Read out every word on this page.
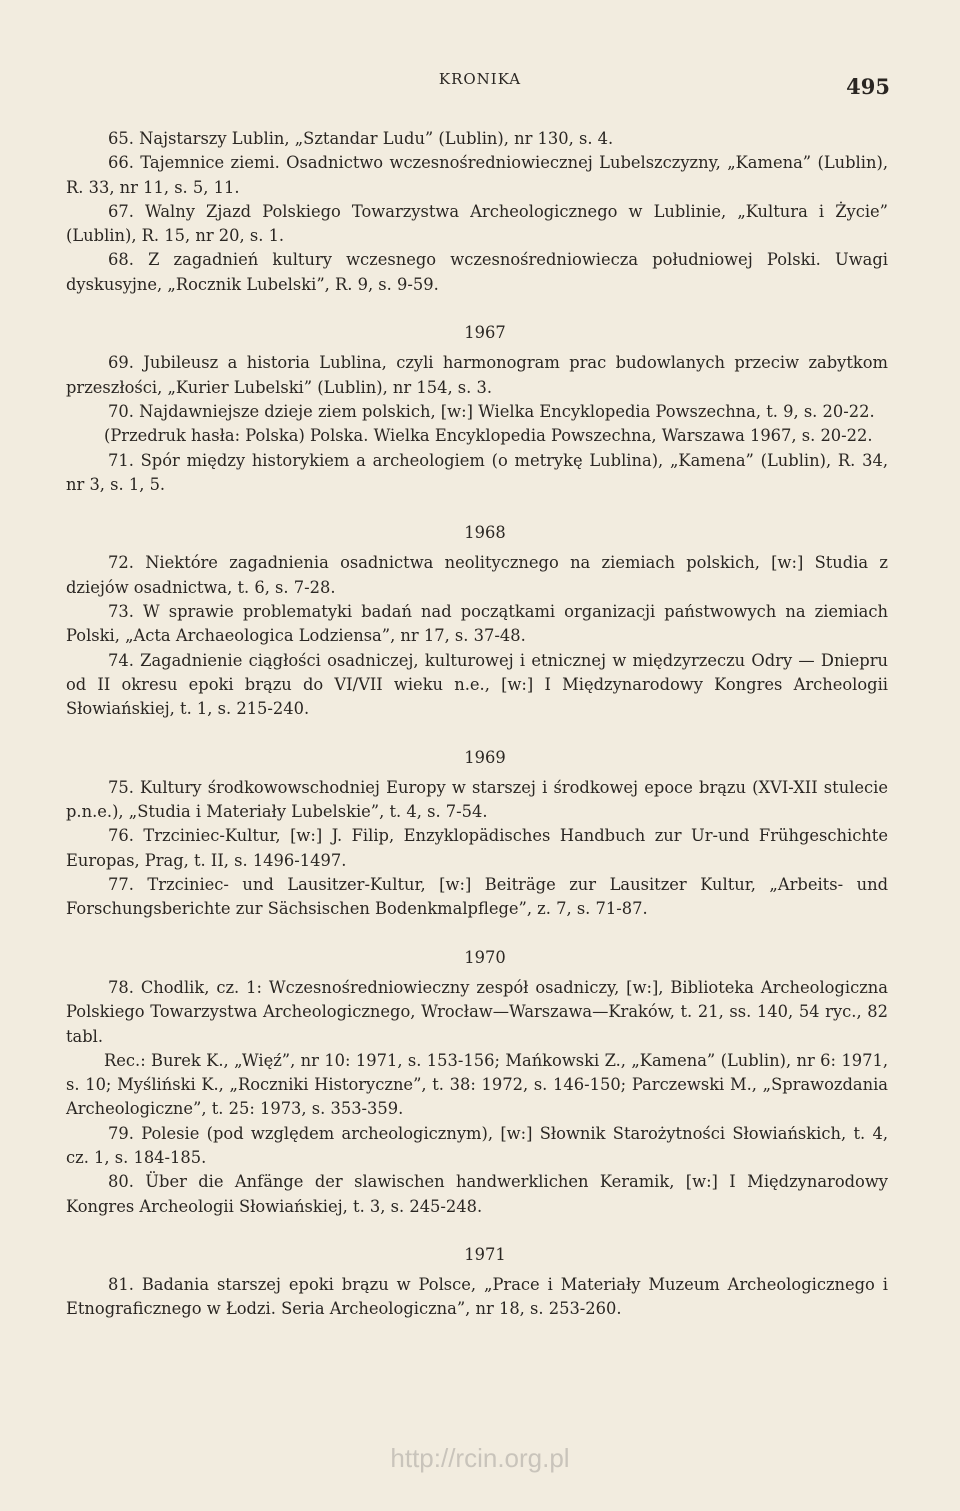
KRONIKA	495

65. Najstarszy Lublin, „Sztandar Ludu” (Lublin), nr 130, s. 4.

66. Tajemnice ziemi. Osadnictwo wczesnośredniowiecznej Lubelszczyzny, „Kamena” (Lublin), R. 33, nr 11, s. 5, 11.

67. Walny Zjazd Polskiego Towarzystwa Archeologicznego w Lublinie, „Kultura i Życie” (Lublin), R. 15, nr 20, s. 1.

68. Z zagadnień kultury wczesnego wczesnośredniowiecza południowej Polski. Uwagi dyskusyjne, „Rocznik Lubelski”, R. 9, s. 9-59.

1967

69. Jubileusz a historia Lublina, czyli harmonogram prac budowlanych przeciw zabytkom przeszłości, „Kurier Lubelski” (Lublin), nr 154, s. 3.

70. Najdawniejsze dzieje ziem polskich, [w:] Wielka Encyklopedia Powszechna, t. 9, s. 20-22.

(Przedruk hasła: Polska) Polska. Wielka Encyklopedia Powszechna, Warszawa 1967, s. 20-22.

71. Spór między historykiem a archeologiem (o metrykę Lublina), „Kamena” (Lublin), R. 34, nr 3, s. 1, 5.

1968

72. Niektóre zagadnienia osadnictwa neolitycznego na ziemiach polskich, [w:] Studia z dziejów osadnictwa, t. 6, s. 7-28.

73. W sprawie problematyki badań nad początkami organizacji państwowych na ziemiach Polski, „Acta Archaeologica Lodziensa”, nr 17, s. 37-48.

74. Zagadnienie ciągłości osadniczej, kulturowej i etnicznej w międzyrzeczu Odry — Dniepru od II okresu epoki brązu do VI/VII wieku n.e., [w:] I Międzynarodowy Kongres Archeologii Słowiańskiej, t. 1, s. 215-240.

1969

75. Kultury środkowowschodniej Europy w starszej i środkowej epoce brązu (XVI-XII stulecie p.n.e.), „Studia i Materiały Lubelskie”, t. 4, s. 7-54.

76. Trzciniec-Kultur, [w:] J. Filip, Enzyklopädisches Handbuch zur Ur-und Frühgeschichte Europas, Prag, t. II, s. 1496-1497.

77. Trzciniec- und Lausitzer-Kultur, [w:] Beiträge zur Lausitzer Kultur, „Arbeits- und Forschungsberichte zur Sächsischen Bodenkmalpflege”, z. 7, s. 71-87.

1970

78. Chodlik, cz. 1: Wczesnośredniowieczny zespół osadniczy, [w:], Biblioteka Archeologiczna Polskiego Towarzystwa Archeologicznego, Wrocław—Warszawa—Kraków, t. 21, ss. 140, 54 ryc., 82 tabl.

Rec.: Burek K., „Więź”, nr 10: 1971, s. 153-156; Mańkowski Z., „Kamena” (Lublin), nr 6: 1971, s. 10; Myśliński K., „Roczniki Historyczne”, t. 38: 1972, s. 146-150; Parczewski M., „Sprawozdania Archeologiczne”, t. 25: 1973, s. 353-359.

79. Polesie (pod względem archeologicznym), [w:] Słownik Starożytności Słowiańskich, t. 4, cz. 1, s. 184-185.

80. Über die Anfänge der slawischen handwerklichen Keramik, [w:] I Międzynarodowy Kongres Archeologii Słowiańskiej, t. 3, s. 245-248.

1971

81. Badania starszej epoki brązu w Polsce, „Prace i Materiały Muzeum Archeologicznego i Etnograficznego w Łodzi. Seria Archeologiczna”, nr 18, s. 253-260.

http://rcin.org.pl
